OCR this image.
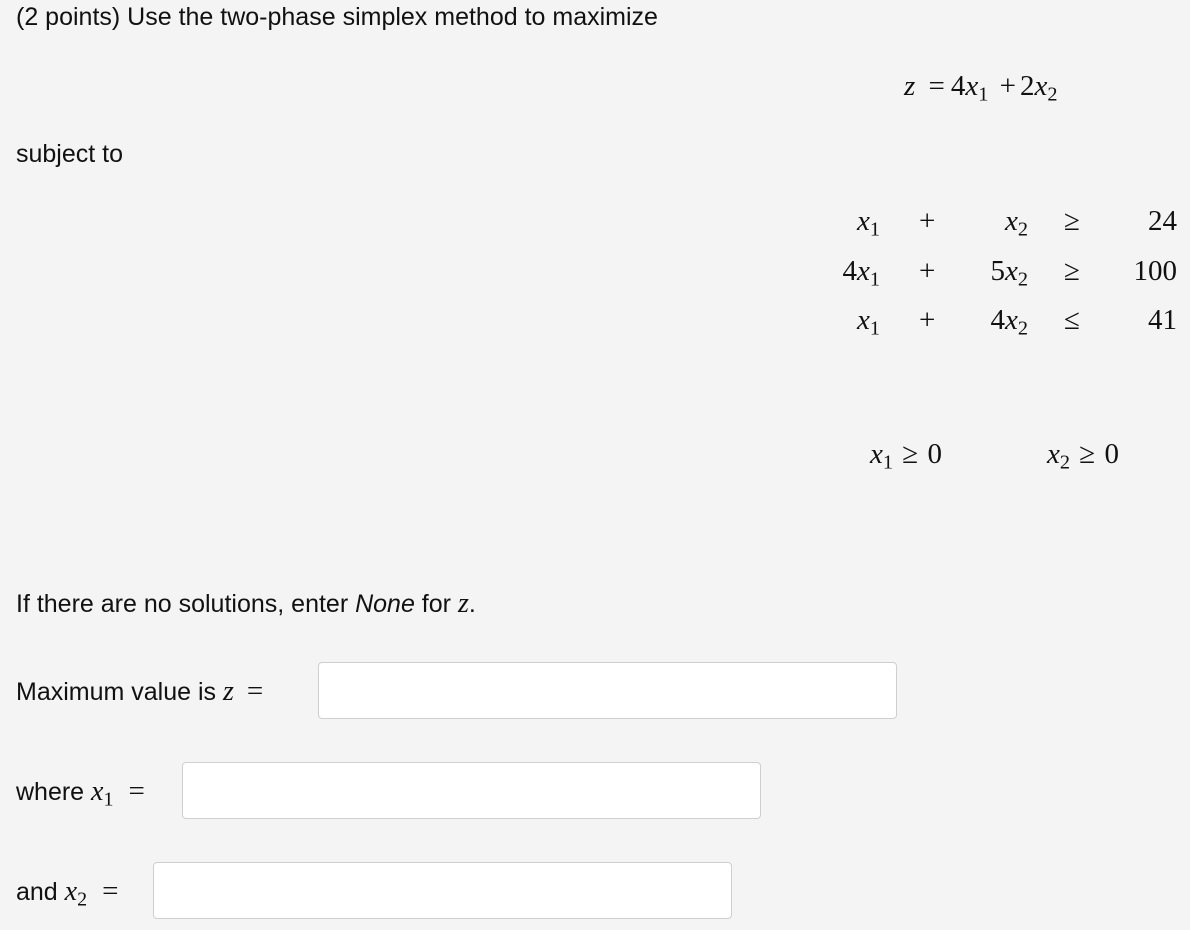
(2 points) Use the two-phase simplex method to maximize
$z = 4x_1 + 2x_2$
subject to
$x_1 + x_2 \ge 24$
$4x_1 + 5x_2 \ge 100$
$x_1 + 4x_2 \le 41$
$x_1 \ge 0$	$x_2 \ge 0$
If there are no solutions, enter None for z.
Maximum value is z =
where $x_1$ =
and $x_2$ =
